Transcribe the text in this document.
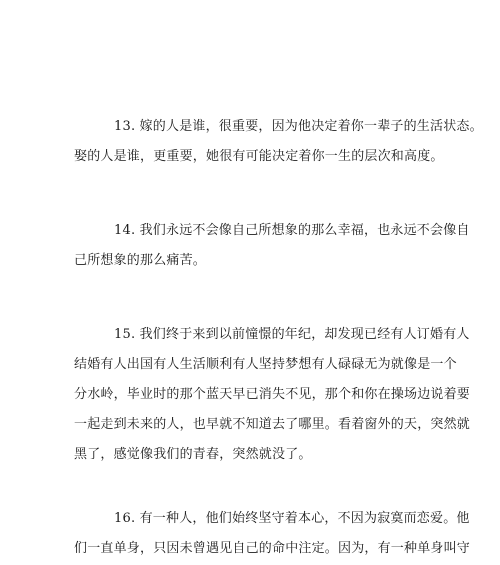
13. 嫁的人是谁，很重要，因为他决定着你一辈子的生活状态。
娶的人是谁，更重要，她很有可能决定着你一生的层次和高度。
14. 我们永远不会像自己所想象的那么幸福，也永远不会像自
己所想象的那么痛苦。
15. 我们终于来到以前憧憬的年纪，却发现已经有人订婚有人
结婚有人出国有人生活顺利有人坚持梦想有人碌碌无为就像是一个
分水岭，毕业时的那个蓝天早已消失不见，那个和你在操场边说着要
一起走到未来的人，也早就不知道去了哪里。看着窗外的天，突然就
黑了，感觉像我们的青春，突然就没了。
16. 有一种人，他们始终坚守着本心，不因为寂寞而恋爱。他
们一直单身，只因未曾遇见自己的命中注定。因为，有一种单身叫守
